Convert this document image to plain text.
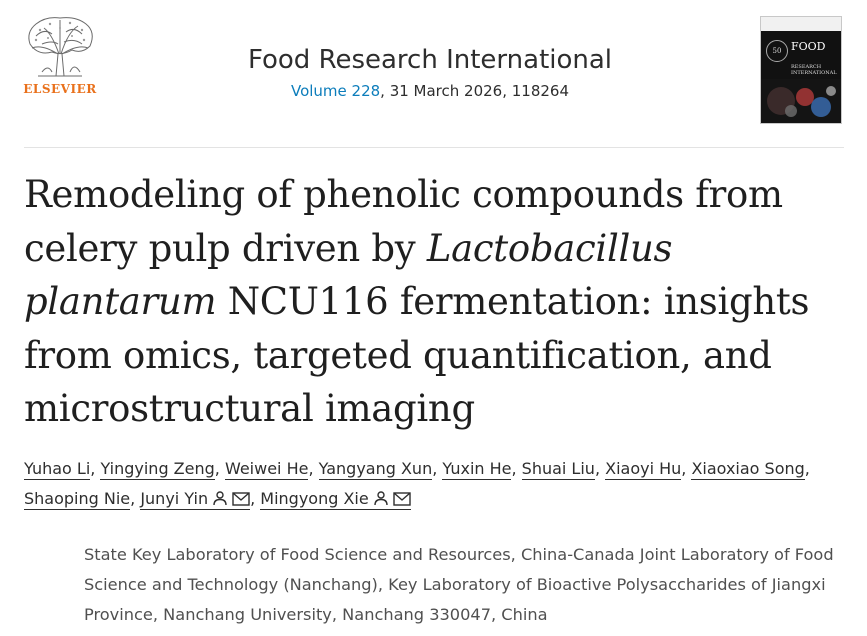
ELSEVIER
Food Research International
Volume 228, 31 March 2026, 118264
50 FOOD
RESEARCH
INTERNATIONAL
Remodeling of phenolic compounds from celery pulp driven by Lactobacillus plantarum NCU116 fermentation: insights from omics, targeted quantification, and microstructural imaging
Yuhao Li, Yingying Zeng, Weiwei He, Yangyang Xun, Yuxin He, Shuai Liu, Xiaoyi Hu, Xiaoxiao Song, Shaoping Nie, Junyi Yin	, Mingyong Xie
State Key Laboratory of Food Science and Resources, China-Canada Joint Laboratory of Food Science and Technology (Nanchang), Key Laboratory of Bioactive Polysaccharides of Jiangxi Province, Nanchang University, Nanchang 330047, China
